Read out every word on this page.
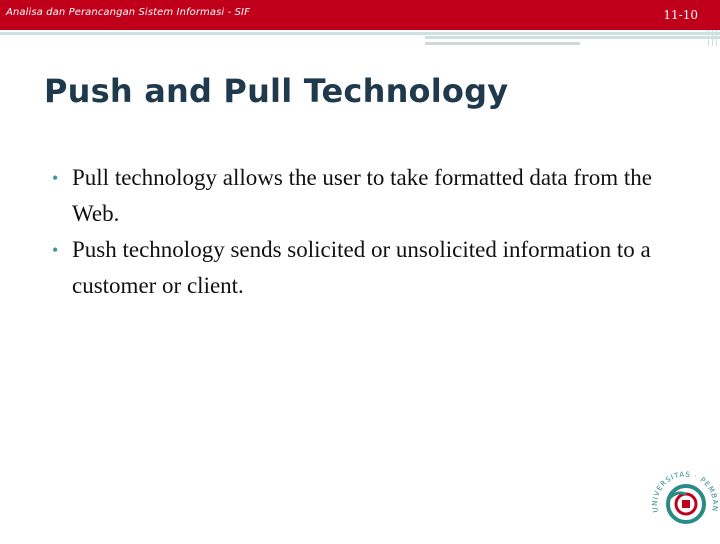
Analisa dan Perancangan Sistem Informasi - SIF	11-10
Push and Pull Technology
• Pull technology allows the user to take formatted data from the Web.
• Push technology sends solicited or unsolicited information to a customer or client.
UNIVERSITAS · PEMBAN
